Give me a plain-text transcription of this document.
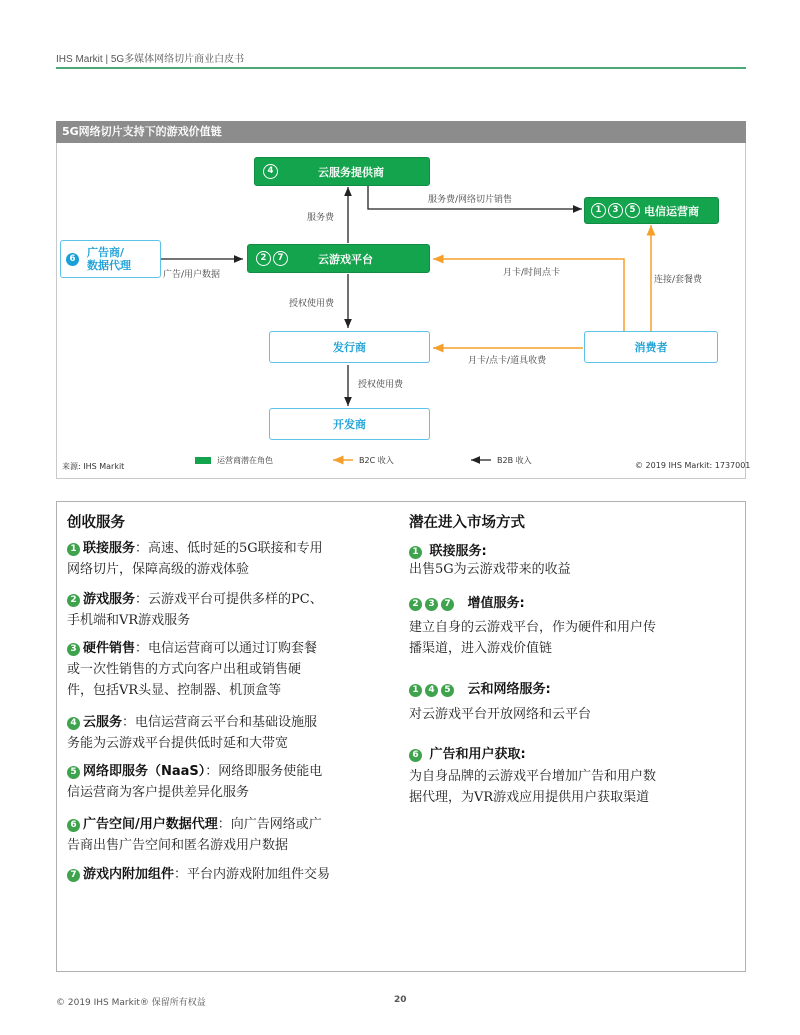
IHS Markit | 5G多媒体网络切片商业白皮书
5G网络切片支持下的游戏价值链
4	云服务提供商
1	3	5 电信运营商
2	7	云游戏平台
6	广告商/
数据代理
发行商	消费者
开发商
服务费
服务费/网络切片销售
广告/用户数据
授权使用费
月卡/时间点卡
连接/套餐费
月卡/点卡/道具收费
授权使用费
来源: IHS Markit
运营商潜在角色	B2C 收入	B2B 收入
© 2019 IHS Markit: 1737001
创收服务
1 联接服务：高速、低时延的5G联接和专用
网络切片，保障高级的游戏体验
2 游戏服务：云游戏平台可提供多样的PC、
手机端和VR游戏服务
3 硬件销售：电信运营商可以通过订购套餐
或一次性销售的方式向客户出租或销售硬
件，包括VR头显、控制器、机顶盒等
4 云服务：电信运营商云平台和基础设施服
务能为云游戏平台提供低时延和大带宽
5 网络即服务（NaaS）：网络即服务使能电
信运营商为客户提供差异化服务
6 广告空间/用户数据代理：向广告网络或广
告商出售广告空间和匿名游戏用户数据
7 游戏内附加组件：平台内游戏附加组件交易
潜在进入市场方式
1 联接服务:
出售5G为云游戏带来的收益
2 3 7 增值服务:
建立自身的云游戏平台，作为硬件和用户传
播渠道，进入游戏价值链
1 4 5 云和网络服务:
对云游戏平台开放网络和云平台
6 广告和用户获取:
为自身品牌的云游戏平台增加广告和用户数
据代理，为VR游戏应用提供用户获取渠道
© 2019 IHS Markit® 保留所有权益	20
